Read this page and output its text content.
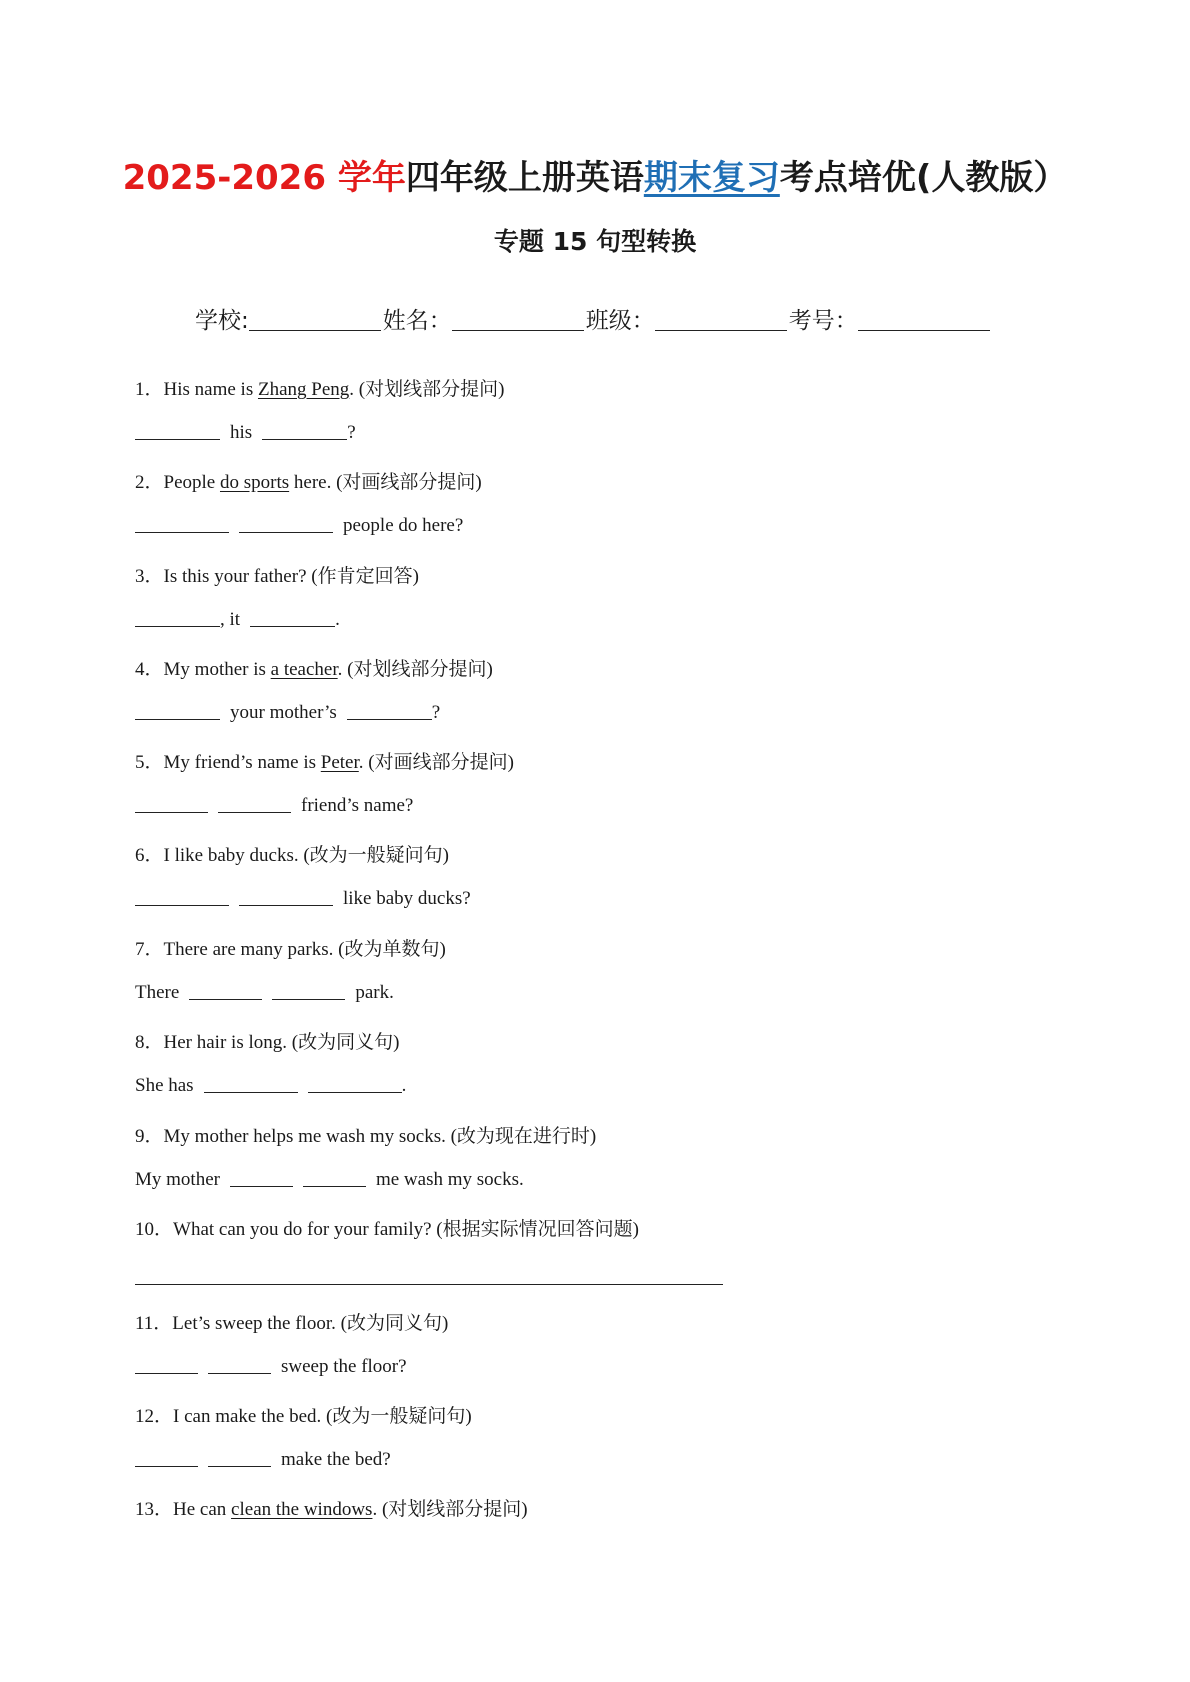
2025-2026 学年四年级上册英语期末复习考点培优(人教版）
专题 15 句型转换
学校:	姓名：	班级：	考号：
1．His name is Zhang Peng. (对划线部分提问)
his	?
2．People do sports here. (对画线部分提问)
people do here?
3．Is this your father? (作肯定回答)
, it	.
4．My mother is a teacher. (对划线部分提问)
your mother’s	?
5．My friend’s name is Peter. (对画线部分提问)
friend’s name?
6．I like baby ducks. (改为一般疑问句)
like baby ducks?
7．There are many parks. (改为单数句)
There	park.
8．Her hair is long. (改为同义句)
She has	.
9．My mother helps me wash my socks. (改为现在进行时)
My mother	me wash my socks.
10．What can you do for your family? (根据实际情况回答问题)
11．Let’s sweep the floor. (改为同义句)
sweep the floor?
12．I can make the bed. (改为一般疑问句)
make the bed?
13．He can clean the windows. (对划线部分提问)
